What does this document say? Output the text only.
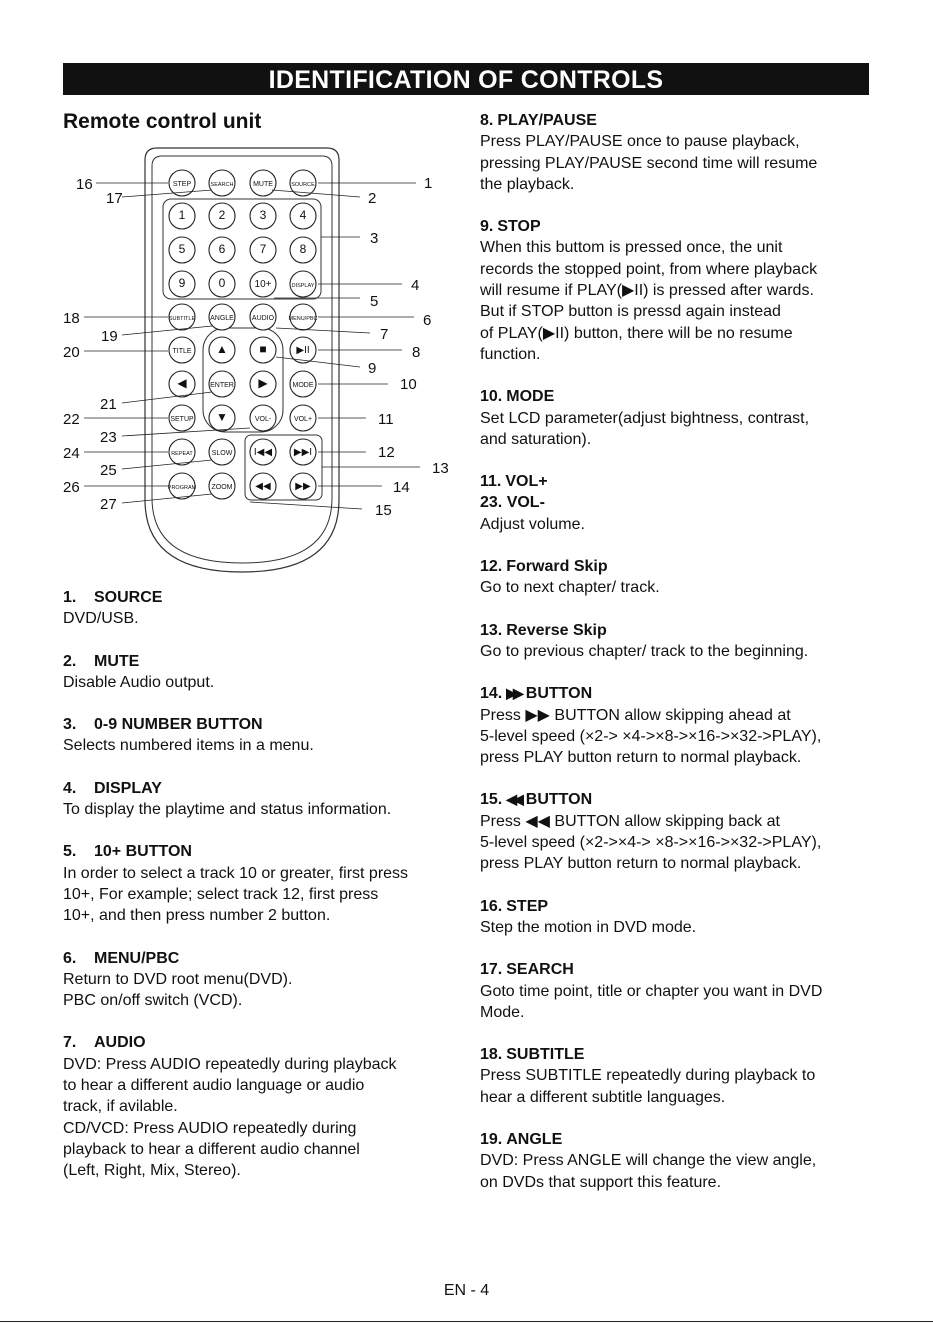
IDENTIFICATION OF CONTROLS
Remote control unit
STEP	SEARCH	MUTE	SOURCE
1	2	3	4
5	6	7	8
9	0	10+	DISPLAY
SUBTITLE ANGLE	AUDIO	MENU/PBC
TITLE ▲	■	▶II
◀	ENTER ▶	MODE
SETUP ▼	VOL-	VOL+
REPEAT	SLOW I◀◀ ▶▶I
PROGRAM ZOOM ◀◀ ▶▶
1
2
3
4
5
6
7
8
9
10
11
12
13
14
15
16
17
18
19
20
21
22
23
24
25
26
27
1. SOURCE
DVD/USB.
2. MUTE
Disable Audio output.
3. 0-9 NUMBER BUTTON
Selects numbered items in a menu.
4. DISPLAY
To display the playtime and status information.
5. 10+ BUTTON
In order to select a track 10 or greater, first press
10+, For example; select track 12, first press
10+, and then press number 2 button.
6. MENU/PBC
Return to DVD root menu(DVD).
PBC on/off switch (VCD).
7. AUDIO
DVD: Press AUDIO repeatedly during playback
to hear a different audio language or audio
track, if avilable.
CD/VCD: Press AUDIO repeatedly during
playback to hear a different audio channel
(Left, Right, Mix, Stereo).
8. PLAY/PAUSE
Press PLAY/PAUSE once to pause playback,
pressing PLAY/PAUSE second time will resume
the playback.
9. STOP
When this buttom is pressed once, the unit
records the stopped point, from where playback
will resume if PLAY(▶II) is pressed after wards.
But if STOP button is pressd again instead
of PLAY(▶II) button, there will be no resume
function.
10. MODE
Set LCD parameter(adjust bightness, contrast,
and saturation).
11. VOL+
23. VOL-
Adjust volume.
12. Forward Skip
Go to next chapter/ track.
13. Reverse Skip
Go to previous chapter/ track to the beginning.
14. ▶▶ BUTTON
Press ▶▶ BUTTON allow skipping ahead at
5-level speed (×2-> ×4->×8->×16->×32->PLAY),
press PLAY button return to normal playback.
15. ◀◀ BUTTON
Press ◀◀ BUTTON allow skipping back at
5-level speed (×2->×4-> ×8->×16->×32->PLAY),
press PLAY button return to normal playback.
16. STEP
Step the motion in DVD mode.
17. SEARCH
Goto time point, title or chapter you want in DVD
Mode.
18. SUBTITLE
Press SUBTITLE repeatedly during playback to
hear a different subtitle languages.
19. ANGLE
DVD: Press ANGLE will change the view angle,
on DVDs that support this feature.
EN - 4
